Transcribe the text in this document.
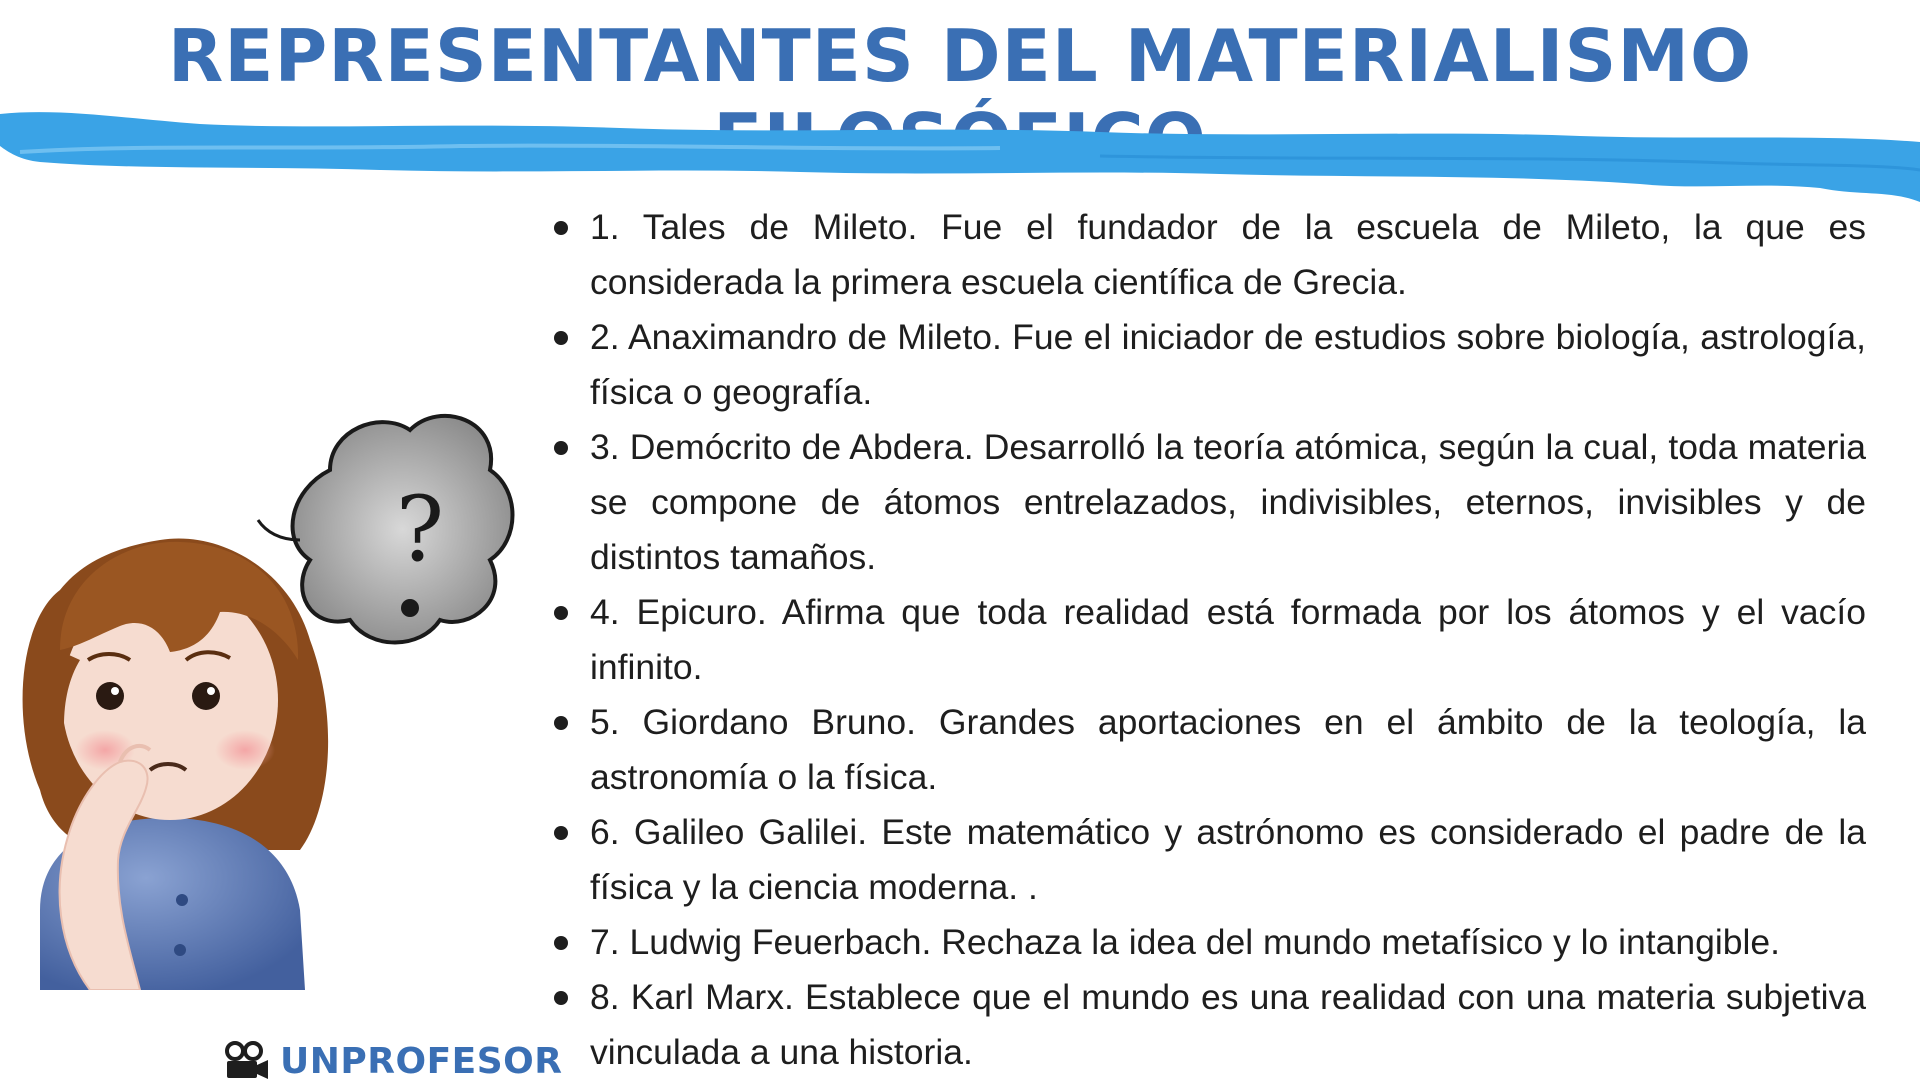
REPRESENTANTES DEL MATERIALISMO
1. Tales de Mileto. Fue el fundador de la escuela de Mileto, la que es considerada la primera escuela científica de Grecia.
2. Anaximandro de Mileto. Fue el iniciador de estudios sobre biología, astrología, física o geografía.
3. Demócrito de Abdera. Desarrolló la teoría atómica, según la cual, toda materia se compone de átomos entrelazados, indivisibles, eternos, invisibles y de distintos tamaños.
4. Epicuro. Afirma que toda realidad está formada por los átomos y el vacío infinito.
5. Giordano Bruno. Grandes aportaciones en el ámbito de la teología, la astronomía o la física.
6. Galileo Galilei. Este matemático y astrónomo es considerado el padre de la física y la ciencia moderna. .
7. Ludwig Feuerbach. Rechaza la idea del mundo metafísico y lo intangible.
8. Karl Marx. Establece que el mundo es una realidad con una materia subjetiva vinculada a una historia.
?
UNPROFESOR
